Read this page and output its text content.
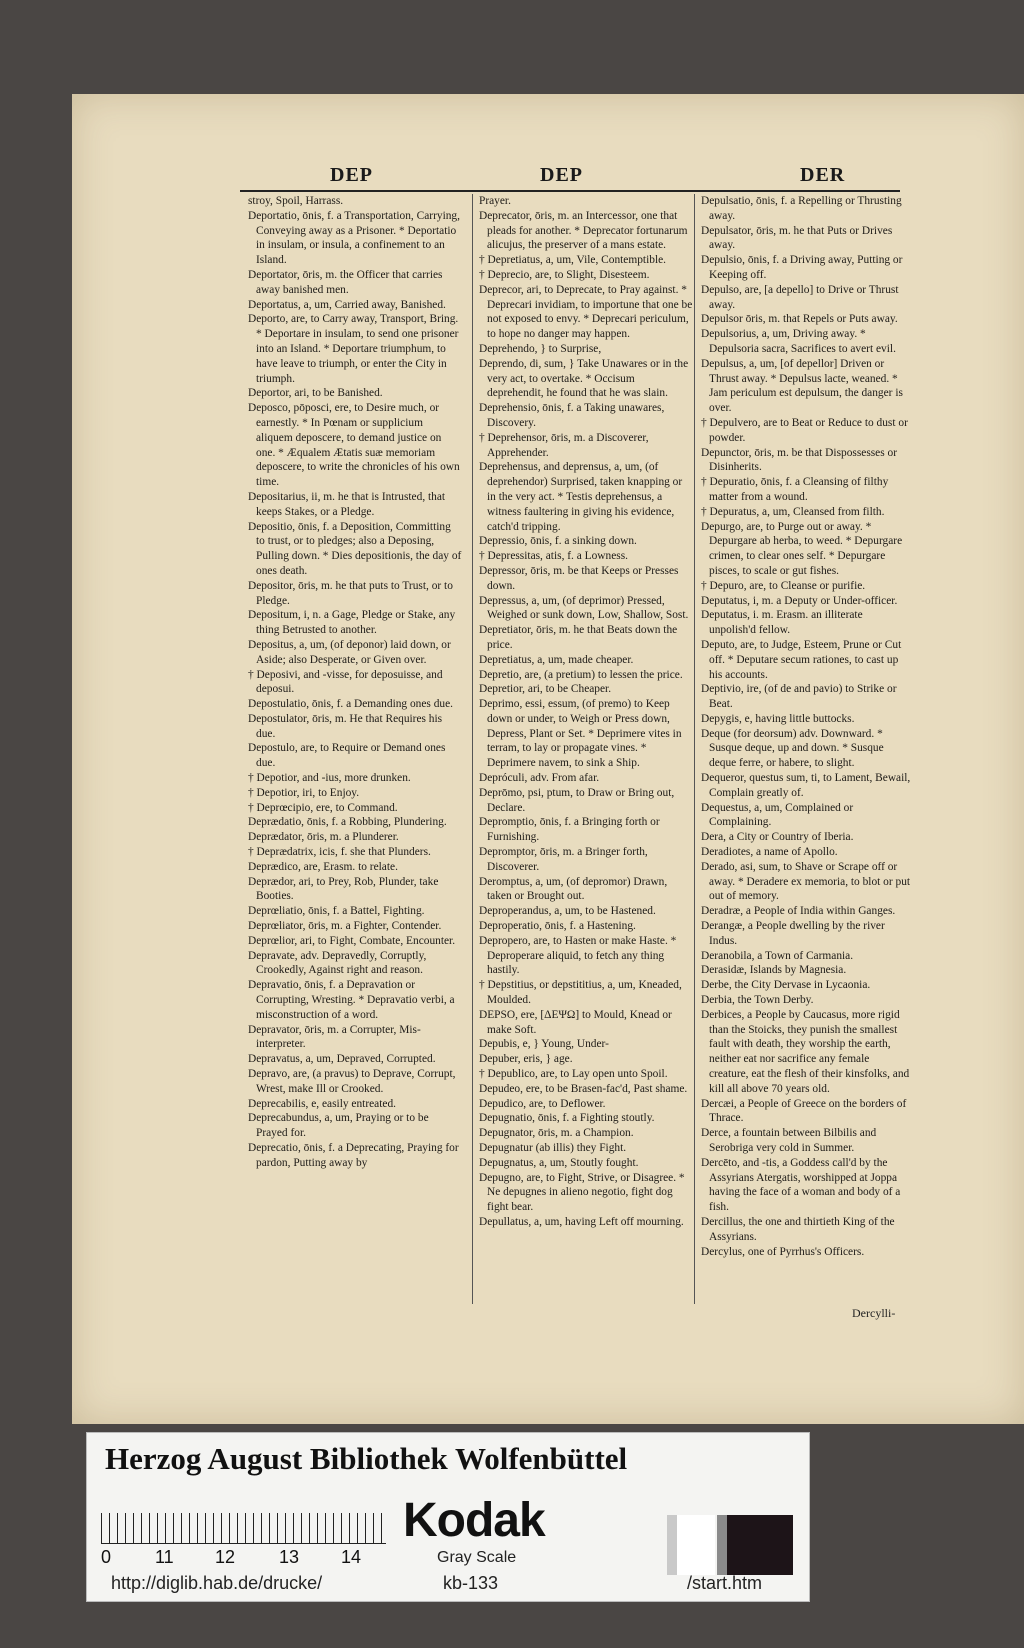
DEP	DEP	DER

stroy, Spoil, Harrass.

Deportatio, ōnis, f. a Transportation, Carrying, Conveying away as a Prisoner. * Deportatio in insulam, or insula, a confinement to an Island.

Deportator, ōris, m. the Officer that carries away banished men.

Deportatus, a, um, Carried away, Banished.

Deporto, are, to Carry away, Transport, Bring. * Deportare in insulam, to send one prisoner into an Island. * Deportare triumphum, to have leave to triumph, or enter the City in triumph.

Deportor, ari, to be Banished.

Deposco, pōposci, ere, to Desire much, or earnestly. * In Pœnam or supplicium aliquem deposcere, to demand justice on one. * Æqualem Ætatis suæ memoriam deposcere, to write the chronicles of his own time.

Depositarius, ii, m. he that is Intrusted, that keeps Stakes, or a Pledge.

Depositio, ōnis, f. a Deposition, Committing to trust, or to pledges; also a Deposing, Pulling down. * Dies depositionis, the day of ones death.

Depositor, ōris, m. he that puts to Trust, or to Pledge.

Depositum, i, n. a Gage, Pledge or Stake, any thing Betrusted to another.

Depositus, a, um, (of deponor) laid down, or Aside; also Desperate, or Given over.

† Deposivi, and -visse, for deposuisse, and deposui.

Depostulatio, ōnis, f. a Demanding ones due.

Depostulator, ōris, m. He that Requires his due.

Depostulo, are, to Require or Demand ones due.

† Depotior, and -ius, more drunken.

† Depotior, iri, to Enjoy.

† Deprœcipio, ere, to Command.

Deprædatio, ōnis, f. a Robbing, Plundering.

Deprædator, ōris, m. a Plunderer.

† Deprædatrix, icis, f. she that Plunders.

Deprædico, are, Erasm. to relate.

Deprædor, ari, to Prey, Rob, Plunder, take Booties.

Deprœliatio, ōnis, f. a Battel, Fighting.

Deprœliator, ōris, m. a Fighter, Contender.

Deprœlior, ari, to Fight, Combate, Encounter.

Depravate, adv. Depravedly, Corruptly, Crookedly, Against right and reason.

Depravatio, ōnis, f. a Depravation or Corrupting, Wresting. * Depravatio verbi, a misconstruction of a word.

Depravator, ōris, m. a Corrupter, Mis-interpreter.

Depravatus, a, um, Depraved, Corrupted.

Depravo, are, (a pravus) to Deprave, Corrupt, Wrest, make Ill or Crooked.

Deprecabilis, e, easily entreated.

Deprecabundus, a, um, Praying or to be Prayed for.

Deprecatio, ōnis, f. a Deprecating, Praying for pardon, Putting away by

Prayer.

Deprecator, ōris, m. an Intercessor, one that pleads for another. * Deprecator fortunarum alicujus, the preserver of a mans estate.

† Depretiatus, a, um, Vile, Contemptible.

† Deprecio, are, to Slight, Disesteem.

Deprecor, ari, to Deprecate, to Pray against. * Deprecari invidiam, to importune that one be not exposed to envy. * Deprecari periculum, to hope no danger may happen.

Deprehendo, } to Surprise,

Deprendo, di, sum, } Take Unawares or in the very act, to overtake. * Occisum deprehendit, he found that he was slain.

Deprehensio, ōnis, f. a Taking unawares, Discovery.

† Deprehensor, ōris, m. a Discoverer, Apprehender.

Deprehensus, and deprensus, a, um, (of deprehendor) Surprised, taken knapping or in the very act. * Testis deprehensus, a witness faultering in giving his evidence, catch'd tripping.

Depressio, ōnis, f. a sinking down.

† Depressitas, atis, f. a Lowness.

Depressor, ōris, m. be that Keeps or Presses down.

Depressus, a, um, (of deprimor) Pressed, Weighed or sunk down, Low, Shallow, Sost.

Depretiator, ōris, m. he that Beats down the price.

Depretiatus, a, um, made cheaper.

Depretio, are, (a pretium) to lessen the price.

Depretior, ari, to be Cheaper.

Deprimo, essi, essum, (of premo) to Keep down or under, to Weigh or Press down, Depress, Plant or Set. * Deprimere vites in terram, to lay or propagate vines. * Deprimere navem, to sink a Ship.

Depróculi, adv. From afar.

Deprōmo, psi, ptum, to Draw or Bring out, Declare.

Depromptio, ōnis, f. a Bringing forth or Furnishing.

Depromptor, ōris, m. a Bringer forth, Discoverer.

Deromptus, a, um, (of depromor) Drawn, taken or Brought out.

Deproperandus, a, um, to be Hastened.

Deproperatio, ōnis, f. a Hastening.

Depropero, are, to Hasten or make Haste. * Deproperare aliquid, to fetch any thing hastily.

† Depstitius, or depstititius, a, um, Kneaded, Moulded.

DEPSO, ere, [ΔΕΨΩ] to Mould, Knead or make Soft.

Depubis, e, } Young, Under-

Depuber, eris, } age.

† Depublico, are, to Lay open unto Spoil.

Depudeo, ere, to be Brasen-fac'd, Past shame.

Depudico, are, to Deflower.

Depugnatio, ōnis, f. a Fighting stoutly.

Depugnator, ōris, m. a Champion.

Depugnatur (ab illis) they Fight.

Depugnatus, a, um, Stoutly fought.

Depugno, are, to Fight, Strive, or Disagree. * Ne depugnes in alieno negotio, fight dog fight bear.

Depullatus, a, um, having Left off mourning.

Depulsatio, ōnis, f. a Repelling or Thrusting away.

Depulsator, ōris, m. he that Puts or Drives away.

Depulsio, ōnis, f. a Driving away, Putting or Keeping off.

Depulso, are, [a depello] to Drive or Thrust away.

Depulsor ōris, m. that Repels or Puts away.

Depulsorius, a, um, Driving away. * Depulsoria sacra, Sacrifices to avert evil.

Depulsus, a, um, [of depellor] Driven or Thrust away. * Depulsus lacte, weaned. * Jam periculum est depulsum, the danger is over.

† Depulvero, are to Beat or Reduce to dust or powder.

Depunctor, ōris, m. be that Dispossesses or Disinherits.

† Depuratio, ōnis, f. a Cleansing of filthy matter from a wound.

† Depuratus, a, um, Cleansed from filth.

Depurgo, are, to Purge out or away. * Depurgare ab herba, to weed. * Depurgare crimen, to clear ones self. * Depurgare pisces, to scale or gut fishes.

† Depuro, are, to Cleanse or purifie.

Deputatus, i, m. a Deputy or Under-officer.

Deputatus, i. m. Erasm. an illiterate unpolish'd fellow.

Deputo, are, to Judge, Esteem, Prune or Cut off. * Deputare secum rationes, to cast up his accounts.

Deptivio, ire, (of de and pavio) to Strike or Beat.

Depygis, e, having little buttocks.

Deque (for deorsum) adv. Downward. * Susque deque, up and down. * Susque deque ferre, or habere, to slight.

Dequeror, questus sum, ti, to Lament, Bewail, Complain greatly of.

Dequestus, a, um, Complained or Complaining.

Dera, a City or Country of Iberia.

Deradiotes, a name of Apollo.

Derado, asi, sum, to Shave or Scrape off or away. * Deradere ex memoria, to blot or put out of memory.

Deradræ, a People of India within Ganges.

Derangæ, a People dwelling by the river Indus.

Deranobila, a Town of Carmania.

Derasidæ, Islands by Magnesia.

Derbe, the City Dervase in Lycaonia.

Derbia, the Town Derby.

Derbices, a People by Caucasus, more rigid than the Stoicks, they punish the smallest fault with death, they worship the earth, neither eat nor sacrifice any female creature, eat the flesh of their kinsfolks, and kill all above 70 years old.

Dercæi, a People of Greece on the borders of Thrace.

Derce, a fountain between Bilbilis and Serobriga very cold in Summer.

Dercēto, and -tis, a Goddess call'd by the Assyrians Atergatis, worshipped at Joppa having the face of a woman and body of a fish.

Dercillus, the one and thirtieth King of the Assyrians.

Dercylus, one of Pyrrhus's Officers.

Dercylli-
Herzog August Bibliothek Wolfenbüttel
0 11 12 13 14
Kodak
Gray Scale
http://diglib.hab.de/drucke/	kb-133	/start.htm
